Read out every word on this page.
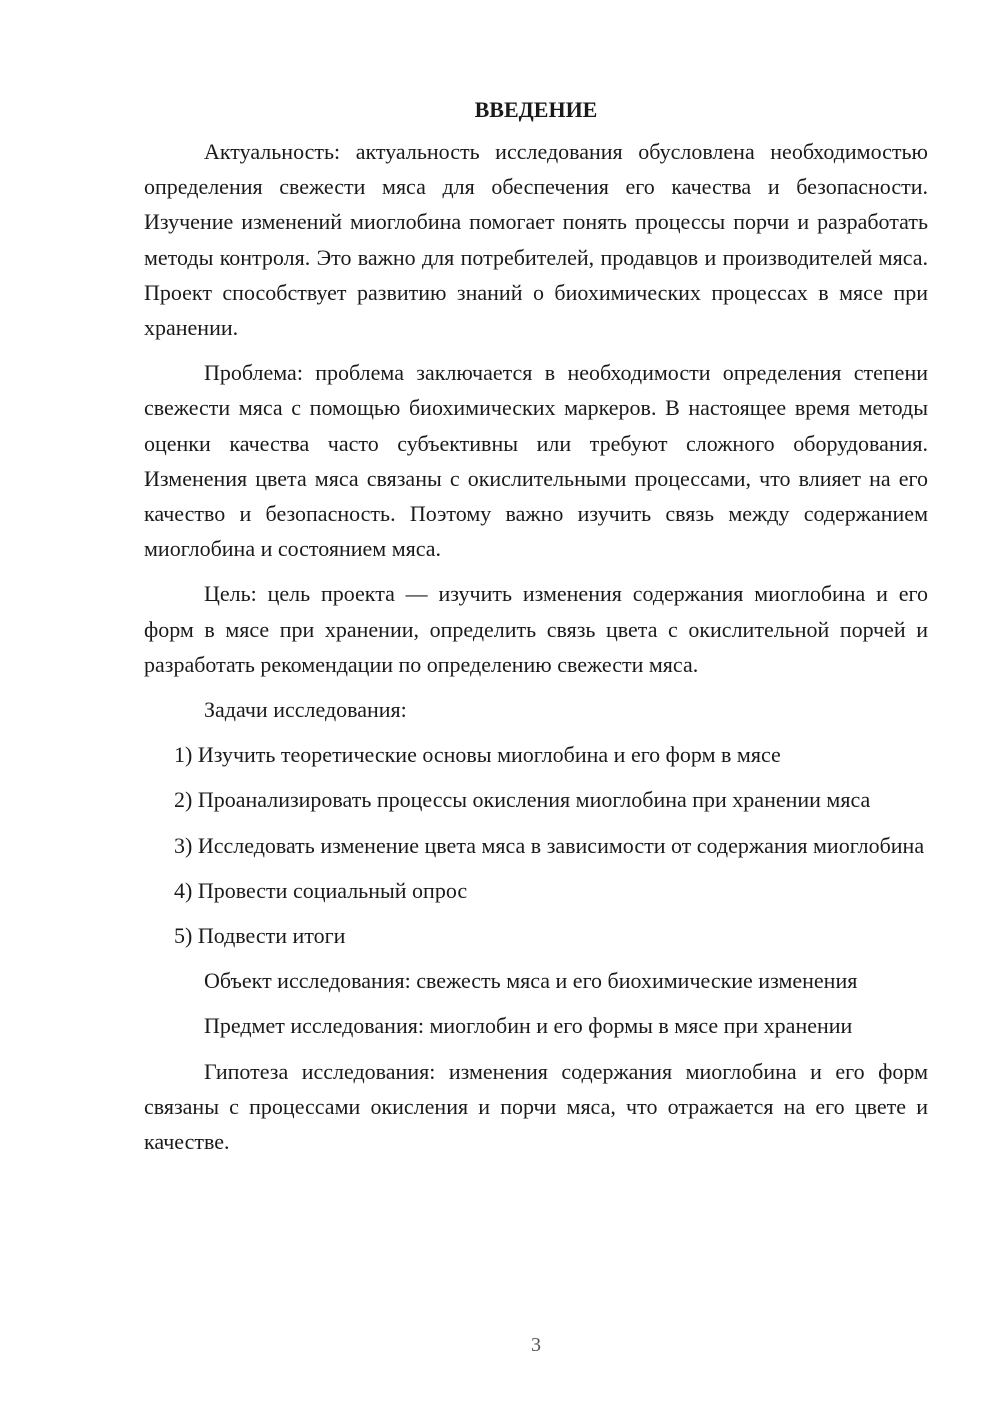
ВВЕДЕНИЕ

Актуальность: актуальность исследования обусловлена необходимостью определения свежести мяса для обеспечения его качества и безопасности. Изучение изменений миоглобина помогает понять процессы порчи и разработать методы контроля. Это важно для потребителей, продавцов и производителей мяса. Проект способствует развитию знаний о биохимических процессах в мясе при хранении.

Проблема: проблема заключается в необходимости определения степени свежести мяса с помощью биохимических маркеров. В настоящее время методы оценки качества часто субъективны или требуют сложного оборудования. Изменения цвета мяса связаны с окислительными процессами, что влияет на его качество и безопасность. Поэтому важно изучить связь между содержанием миоглобина и состоянием мяса.

Цель: цель проекта — изучить изменения содержания миоглобина и его форм в мясе при хранении, определить связь цвета с окислительной порчей и разработать рекомендации по определению свежести мяса.

Задачи исследования:

1) Изучить теоретические основы миоглобина и его форм в мясе

2) Проанализировать процессы окисления миоглобина при хранении мяса

3) Исследовать изменение цвета мяса в зависимости от содержания миоглобина

4) Провести социальный опрос

5) Подвести итоги

Объект исследования: свежесть мяса и его биохимические изменения

Предмет исследования: миоглобин и его формы в мясе при хранении

Гипотеза исследования: изменения содержания миоглобина и его форм связаны с процессами окисления и порчи мяса, что отражается на его цвете и качестве.

3
